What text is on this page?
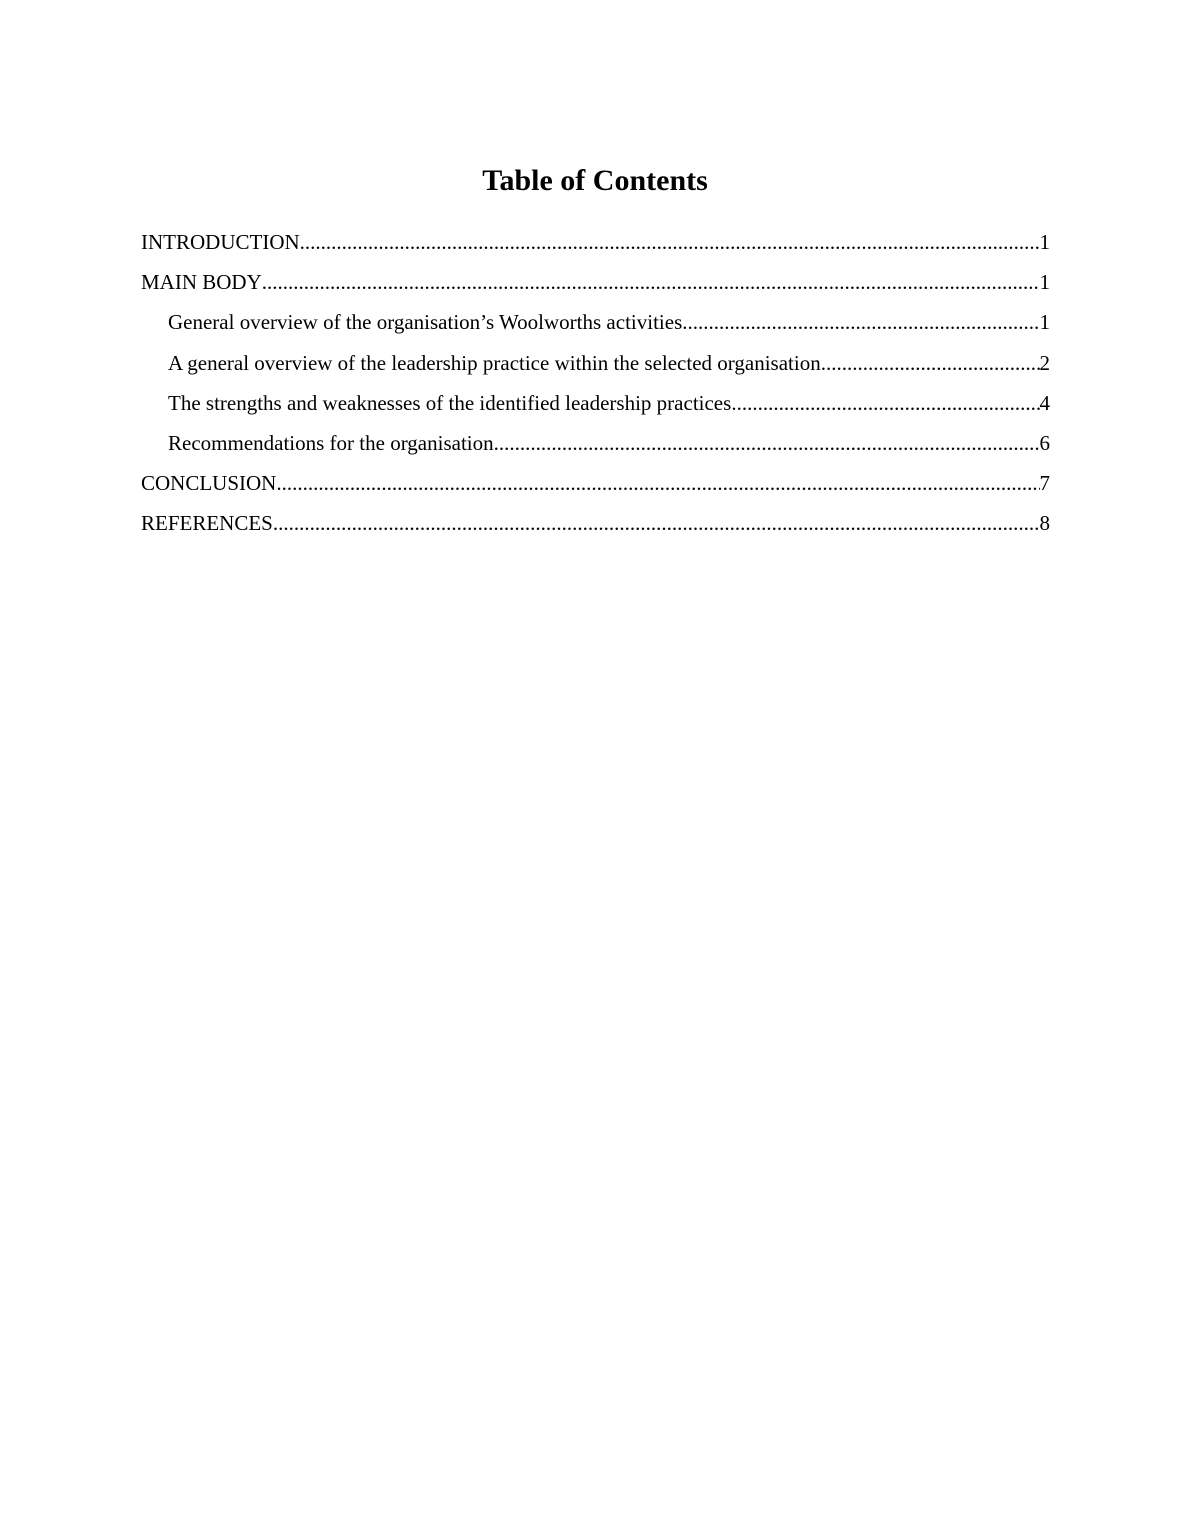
Table of Contents
INTRODUCTION .....	1
MAIN BODY .....	1
General overview of the organisation’s Woolworths activities .....	1
A general overview of the leadership practice within the selected organisation .....	2
The strengths and weaknesses of the identified leadership practices .....	4
Recommendations for the organisation .....	6
CONCLUSION .....	7
REFERENCES .....	8
